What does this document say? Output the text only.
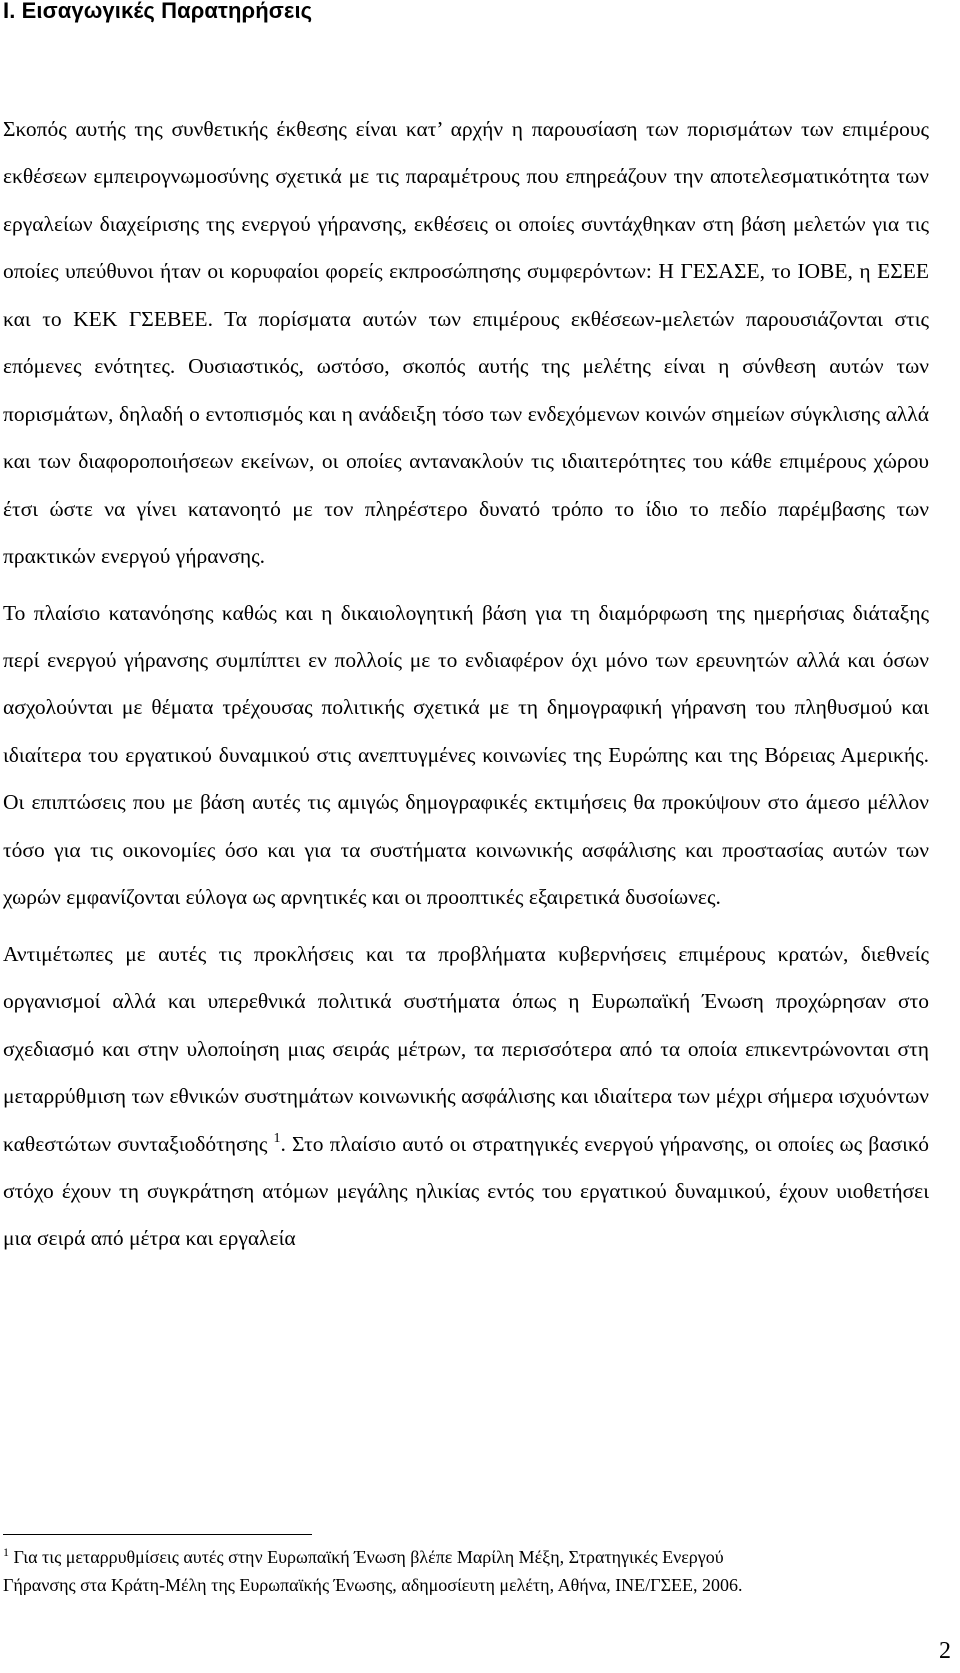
I. Εισαγωγικές Παρατηρήσεις

Σκοπός αυτής της συνθετικής έκθεσης είναι κατ’ αρχήν η παρουσίαση των πορισμάτων των επιμέρους εκθέσεων εμπειρογνωμοσύνης σχετικά με τις παραμέτρους που επηρεάζουν την αποτελεσματικότητα των εργαλείων διαχείρισης της ενεργού γήρανσης, εκθέσεις οι οποίες συντάχθηκαν στη βάση μελετών για τις οποίες υπεύθυνοι ήταν οι κορυφαίοι φορείς εκπροσώπησης συμφερόντων: Η ΓΕΣΑΣΕ, το ΙΟΒΕ, η ΕΣΕΕ και το ΚΕΚ ΓΣΕΒΕΕ. Τα πορίσματα αυτών των επιμέρους εκθέσεων-μελετών παρουσιάζονται στις επόμενες ενότητες. Ουσιαστικός, ωστόσο, σκοπός αυτής της μελέτης είναι η σύνθεση αυτών των πορισμάτων, δηλαδή ο εντοπισμός και η ανάδειξη τόσο των ενδεχόμενων κοινών σημείων σύγκλισης αλλά και των διαφοροποιήσεων εκείνων, οι οποίες αντανακλούν τις ιδιαιτερότητες του κάθε επιμέρους χώρου έτσι ώστε να γίνει κατανοητό με τον πληρέστερο δυνατό τρόπο το ίδιο το πεδίο παρέμβασης των πρακτικών ενεργού γήρανσης.

Το πλαίσιο κατανόησης καθώς και η δικαιολογητική βάση για τη διαμόρφωση της ημερήσιας διάταξης περί ενεργού γήρανσης συμπίπτει εν πολλοίς με το ενδιαφέρον όχι μόνο των ερευνητών αλλά και όσων ασχολούνται με θέματα τρέχουσας πολιτικής σχετικά με τη δημογραφική γήρανση του πληθυσμού και ιδιαίτερα του εργατικού δυναμικού στις ανεπτυγμένες κοινωνίες της Ευρώπης και της Βόρειας Αμερικής. Οι επιπτώσεις που με βάση αυτές τις αμιγώς δημογραφικές εκτιμήσεις θα προκύψουν στο άμεσο μέλλον τόσο για τις οικονομίες όσο και για τα συστήματα κοινωνικής ασφάλισης και προστασίας αυτών των χωρών εμφανίζονται εύλογα ως αρνητικές και οι προοπτικές εξαιρετικά δυσοίωνες.

Αντιμέτωπες με αυτές τις προκλήσεις και τα προβλήματα κυβερνήσεις επιμέρους κρατών, διεθνείς οργανισμοί αλλά και υπερεθνικά πολιτικά συστήματα όπως η Ευρωπαϊκή Ένωση προχώρησαν στο σχεδιασμό και στην υλοποίηση μιας σειράς μέτρων, τα περισσότερα από τα οποία επικεντρώνονται στη μεταρρύθμιση των εθνικών συστημάτων κοινωνικής ασφάλισης και ιδιαίτερα των μέχρι σήμερα ισχυόντων καθεστώτων συνταξιοδότησης $^1$. Στο πλαίσιο αυτό οι στρατηγικές ενεργού γήρανσης, οι οποίες ως βασικό στόχο έχουν τη συγκράτηση ατόμων μεγάλης ηλικίας εντός του εργατικού δυναμικού, έχουν υιοθετήσει μια σειρά από μέτρα και εργαλεία

$^1$ Για τις μεταρρυθμίσεις αυτές στην Ευρωπαϊκή Ένωση βλέπε Μαρίλη Μέξη, Στρατηγικές Ενεργού
Γήρανσης στα Κράτη-Μέλη της Ευρωπαϊκής Ένωσης, αδημοσίευτη μελέτη, Αθήνα, ΙΝΕ/ΓΣΕΕ, 2006.

2
